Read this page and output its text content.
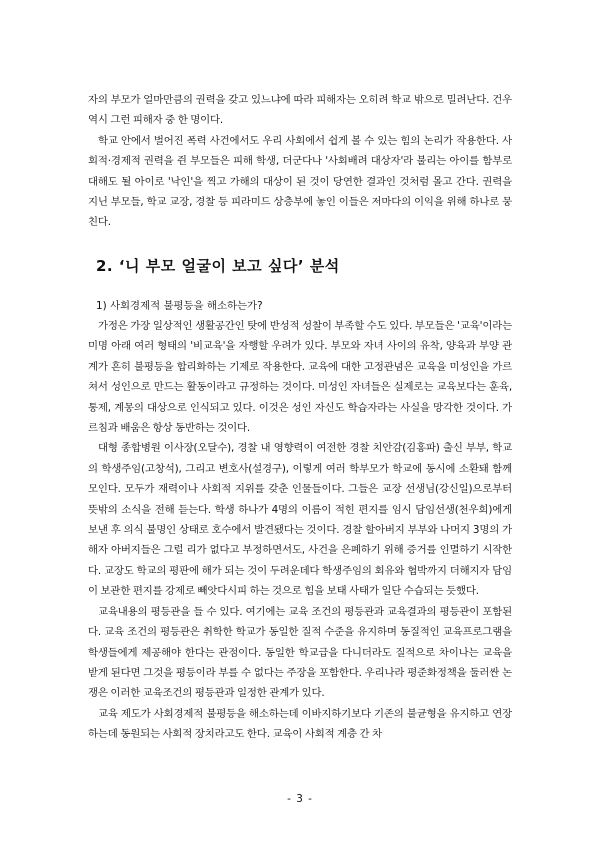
자의 부모가 얼마만큼의 권력을 갖고 있느냐에 따라 피해자는 오히려 학교 밖으로 밀려난다. 건우 역시 그런 피해자 중 한 명이다.

학교 안에서 벌어진 폭력 사건에서도 우리 사회에서 쉽게 볼 수 있는 힘의 논리가 작용한다. 사회적·경제적 권력을 쥔 부모들은 피해 학생, 더군다나 '사회배려 대상자'라 불리는 아이를 함부로 대해도 될 아이로 '낙인'을 찍고 가해의 대상이 된 것이 당연한 결과인 것처럼 몰고 간다. 권력을 지닌 부모들, 학교 교장, 경찰 등 피라미드 상층부에 놓인 이들은 저마다의 이익을 위해 하나로 뭉친다.

2. ‘니 부모 얼굴이 보고 싶다’ 분석
1) 사회경제적 불평등을 해소하는가?

가정은 가장 일상적인 생활공간인 탓에 반성적 성찰이 부족할 수도 있다. 부모들은 '교육'이라는 미명 아래 여러 형태의 '비교육'을 자행할 우려가 있다. 부모와 자녀 사이의 유착, 양육과 부양 관계가 흔히 불평등을 합리화하는 기제로 작용한다. 교육에 대한 고정관념은 교육을 미성인을 가르쳐서 성인으로 만드는 활동이라고 규정하는 것이다. 미성인 자녀들은 실제로는 교육보다는 훈육, 통제, 계몽의 대상으로 인식되고 있다. 이것은 성인 자신도 학습자라는 사실을 망각한 것이다. 가르침과 배움은 항상 동반하는 것이다.

대형 종합병원 이사장(오달수), 경찰 내 영향력이 여전한 경찰 치안감(김홍파) 출신 부부, 학교의 학생주임(고창석), 그리고 변호사(설경구), 이렇게 여러 학부모가 학교에 동시에 소환돼 함께 모인다. 모두가 재력이나 사회적 지위를 갖춘 인물들이다. 그들은 교장 선생님(강신일)으로부터 뜻밖의 소식을 전해 듣는다. 학생 하나가 4명의 이름이 적힌 편지를 임시 담임선생(천우희)에게 보낸 후 의식 불명인 상태로 호수에서 발견됐다는 것이다. 경찰 할아버지 부부와 나머지 3명의 가해자 아버지들은 그럴 리가 없다고 부정하면서도, 사건을 은폐하기 위해 증거를 인멸하기 시작한다. 교장도 학교의 평판에 해가 되는 것이 두려운데다 학생주임의 회유와 협박까지 더해지자 담임이 보관한 편지를 강제로 빼앗다시피 하는 것으로 힘을 보태 사태가 일단 수습되는 듯했다.

교육내용의 평등관을 들 수 있다. 여기에는 교육 조건의 평등관과 교육결과의 평등관이 포함된다. 교육 조건의 평등관은 취학한 학교가 동일한 질적 수준을 유지하며 동질적인 교육프로그램을 학생들에게 제공해야 한다는 관점이다. 동일한 학교급을 다니더라도 질적으로 차이나는 교육을 받게 된다면 그것을 평등이라 부를 수 없다는 주장을 포함한다. 우리나라 평준화정책을 둘러싼 논쟁은 이러한 교육조건의 평등관과 일정한 관계가 있다.

교육 제도가 사회경제적 불평등을 해소하는데 이바지하기보다 기존의 불균형을 유지하고 연장하는데 동원되는 사회적 장치라고도 한다. 교육이 사회적 계층 간 차

- 3 -
